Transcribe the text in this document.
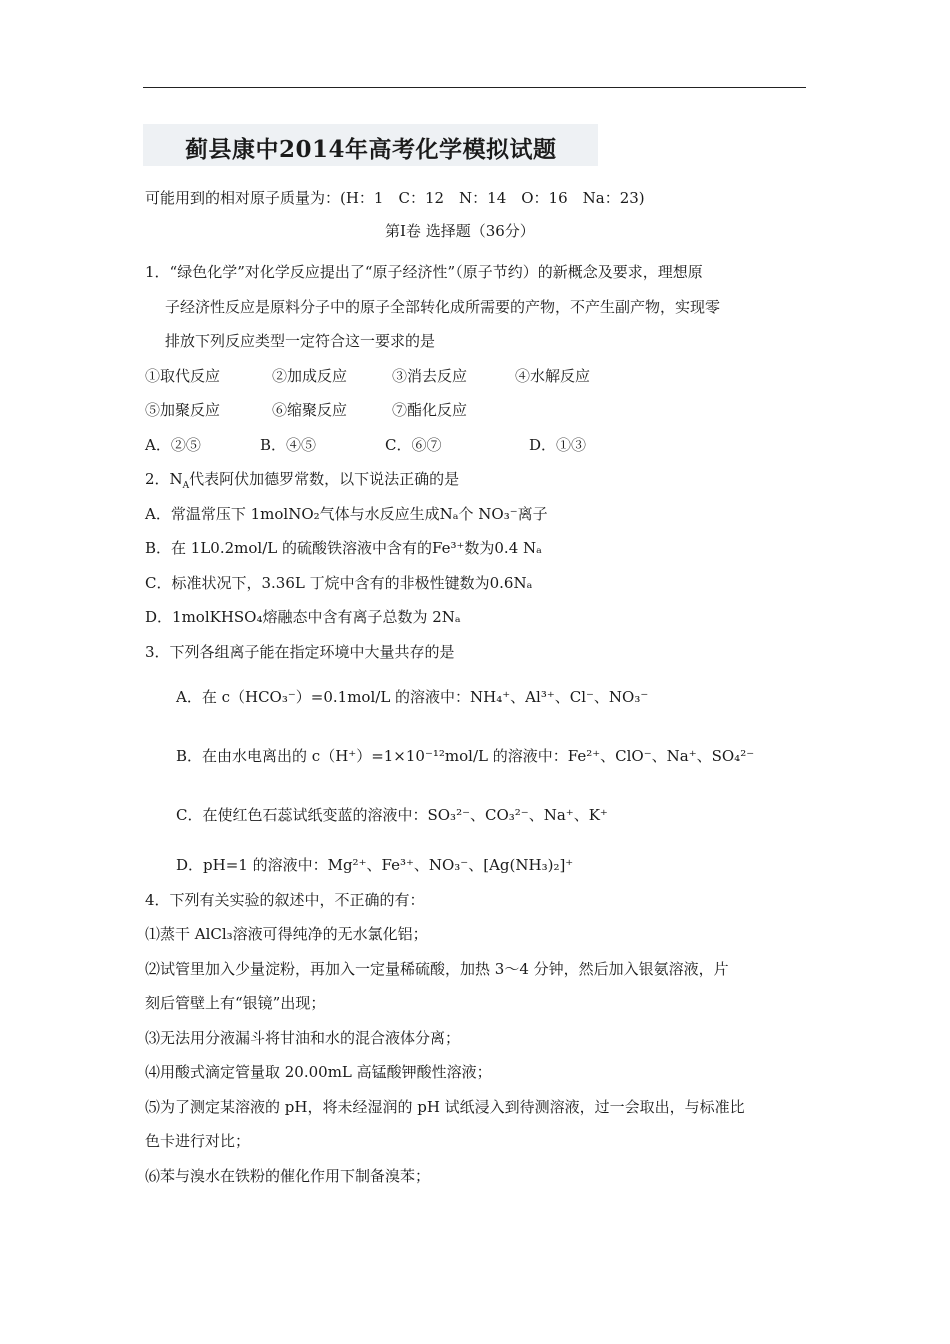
蓟县康中2014年高考化学模拟试题
可能用到的相对原子质量为：(H：1　C：12　N：14　O：16　Na：23)
第Ⅰ卷 选择题（36分）
1．“绿色化学”对化学反应提出了“原子经济性”（原子节约）的新概念及要求，理想原
子经济性反应是原料分子中的原子全部转化成所需要的产物，不产生副产物，实现零
排放下列反应类型一定符合这一要求的是
①取代反应	②加成反应	③消去反应	④水解反应
⑤加聚反应	⑥缩聚反应	⑦酯化反应
A．②⑤	B．④⑤	C．⑥⑦	D．①③
2．$N_A$代表阿伏加德罗常数，以下说法正确的是
A．常温常压下 1molNO₂气体与水反应生成Nₐ个 NO₃⁻离子
B．在 1L0.2mol/L 的硫酸铁溶液中含有的Fe³⁺数为0.4 Nₐ
C．标准状况下，3.36L 丁烷中含有的非极性键数为0.6Nₐ
D．1molKHSO₄熔融态中含有离子总数为 2Nₐ
3．下列各组离子能在指定环境中大量共存的是
A．在 c（HCO₃⁻）=0.1mol/L 的溶液中：NH₄⁺、Al³⁺、Cl⁻、NO₃⁻
B．在由水电离出的 c（H⁺）=1×10⁻¹²mol/L 的溶液中：Fe²⁺、ClO⁻、Na⁺、SO₄²⁻
C．在使红色石蕊试纸变蓝的溶液中：SO₃²⁻、CO₃²⁻、Na⁺、K⁺
D．pH=1 的溶液中：Mg²⁺、Fe³⁺、NO₃⁻、[Ag(NH₃)₂]⁺
4．下列有关实验的叙述中，不正确的有：
⑴蒸干 AlCl₃溶液可得纯净的无水氯化铝；
⑵试管里加入少量淀粉，再加入一定量稀硫酸，加热 3～4 分钟，然后加入银氨溶液，片
刻后管壁上有“银镜”出现；
⑶无法用分液漏斗将甘油和水的混合液体分离；
⑷用酸式滴定管量取 20.00mL 高锰酸钾酸性溶液；
⑸为了测定某溶液的 pH，将未经湿润的 pH 试纸浸入到待测溶液，过一会取出，与标准比
色卡进行对比；
⑹苯与溴水在铁粉的催化作用下制备溴苯；
